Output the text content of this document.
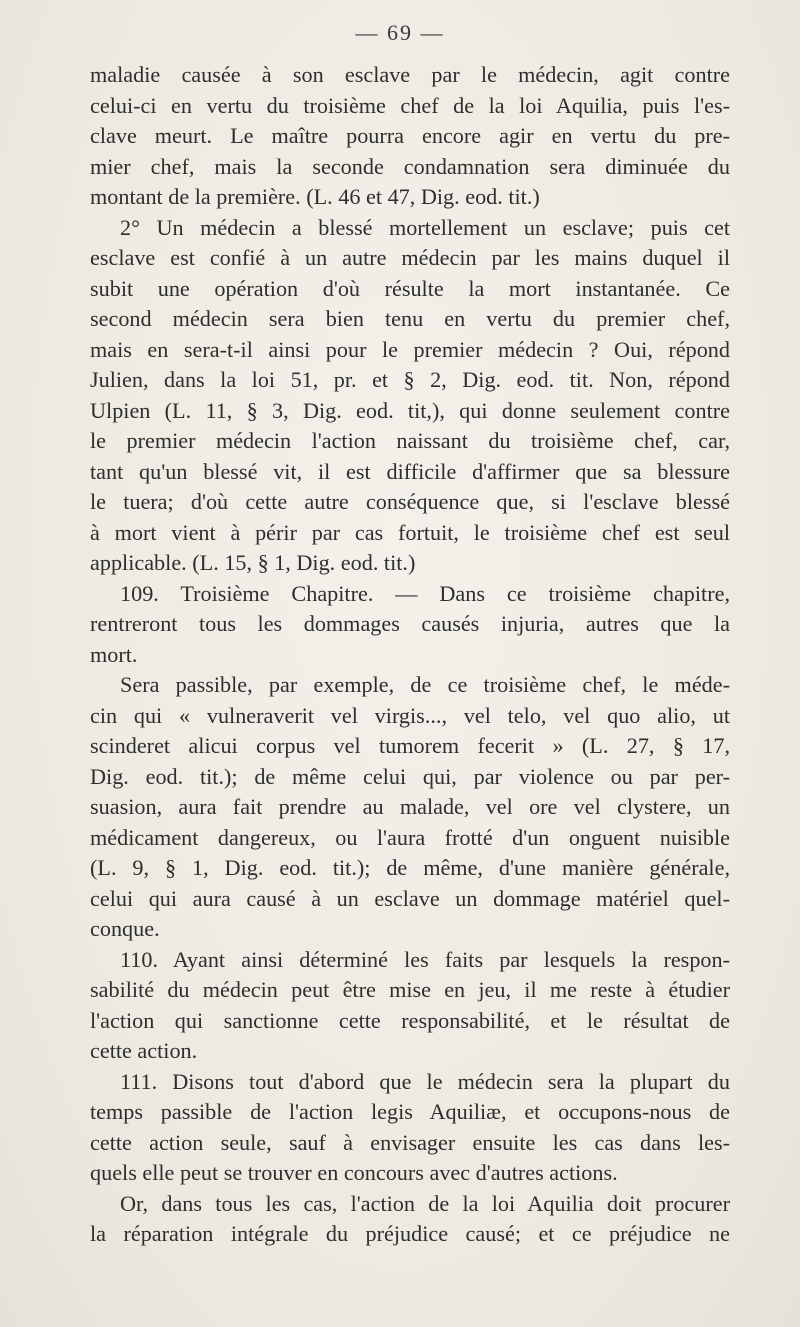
— 69 —
maladie causée à son esclave par le médecin, agit contre
celui-ci en vertu du troisième chef de la loi Aquilia, puis l'es-
clave meurt. Le maître pourra encore agir en vertu du pre-
mier chef, mais la seconde condamnation sera diminuée du
montant de la première. (L. 46 et 47, Dig. eod. tit.)
2° Un médecin a blessé mortellement un esclave; puis cet
esclave est confié à un autre médecin par les mains duquel il
subit une opération d'où résulte la mort instantanée. Ce
second médecin sera bien tenu en vertu du premier chef,
mais en sera-t-il ainsi pour le premier médecin ? Oui, répond
Julien, dans la loi 51, pr. et § 2, Dig. eod. tit. Non, répond
Ulpien (L. 11, § 3, Dig. eod. tit,), qui donne seulement contre
le premier médecin l'action naissant du troisième chef, car,
tant qu'un blessé vit, il est difficile d'affirmer que sa blessure
le tuera; d'où cette autre conséquence que, si l'esclave blessé
à mort vient à périr par cas fortuit, le troisième chef est seul
applicable. (L. 15, § 1, Dig. eod. tit.)
109. Troisième Chapitre. — Dans ce troisième chapitre,
rentreront tous les dommages causés injuria, autres que la
mort.
Sera passible, par exemple, de ce troisième chef, le méde-
cin qui « vulneraverit vel virgis..., vel telo, vel quo alio, ut
scinderet alicui corpus vel tumorem fecerit » (L. 27, § 17,
Dig. eod. tit.); de même celui qui, par violence ou par per-
suasion, aura fait prendre au malade, vel ore vel clystere, un
médicament dangereux, ou l'aura frotté d'un onguent nuisible
(L. 9, § 1, Dig. eod. tit.); de même, d'une manière générale,
celui qui aura causé à un esclave un dommage matériel quel-
conque.
110. Ayant ainsi déterminé les faits par lesquels la respon-
sabilité du médecin peut être mise en jeu, il me reste à étudier
l'action qui sanctionne cette responsabilité, et le résultat de
cette action.
111. Disons tout d'abord que le médecin sera la plupart du
temps passible de l'action legis Aquiliæ, et occupons-nous de
cette action seule, sauf à envisager ensuite les cas dans les-
quels elle peut se trouver en concours avec d'autres actions.
Or, dans tous les cas, l'action de la loi Aquilia doit procurer
la réparation intégrale du préjudice causé; et ce préjudice ne
